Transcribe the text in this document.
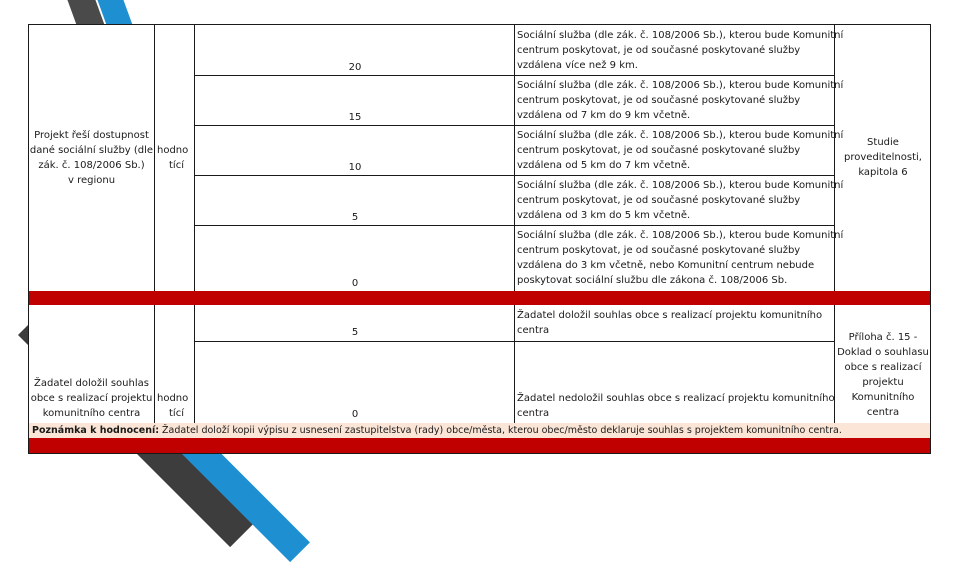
Projekt řeší dostupnost
dané sociální služby (dle
zák. č. 108/2006 Sb.)
v regionu
hodno
tící
20
15
10
5
0
Sociální služba (dle zák. č. 108/2006 Sb.), kterou bude Komunitní
centrum poskytovat, je od současné poskytované služby
vzdálena více než 9 km.
Sociální služba (dle zák. č. 108/2006 Sb.), kterou bude Komunitní
centrum poskytovat, je od současné poskytované služby
vzdálena od 7 km do 9 km včetně.
Sociální služba (dle zák. č. 108/2006 Sb.), kterou bude Komunitní
centrum poskytovat, je od současné poskytované služby
vzdálena od 5 km do 7 km včetně.
Sociální služba (dle zák. č. 108/2006 Sb.), kterou bude Komunitní
centrum poskytovat, je od současné poskytované služby
vzdálena od 3 km do 5 km včetně.
Sociální služba (dle zák. č. 108/2006 Sb.), kterou bude Komunitní
centrum poskytovat, je od současné poskytované služby
vzdálena do 3 km včetně, nebo Komunitní centrum nebude
poskytovat sociální službu dle zákona č. 108/2006 Sb.
Studie
proveditelnosti,
kapitola 6
Žadatel doložil souhlas
obce s realizací projektu
komunitního centra
hodno
tící
5
0
Žadatel doložil souhlas obce s realizací projektu komunitního
centra
Žadatel nedoložil souhlas obce s realizací projektu komunitního
centra
Příloha č. 15 -
Doklad o souhlasu
obce s realizací
projektu
Komunitního
centra
Poznámka k hodnocení: Žadatel doloží kopii výpisu z usnesení zastupitelstva (rady) obce/města, kterou obec/město deklaruje souhlas s projektem komunitního centra.
